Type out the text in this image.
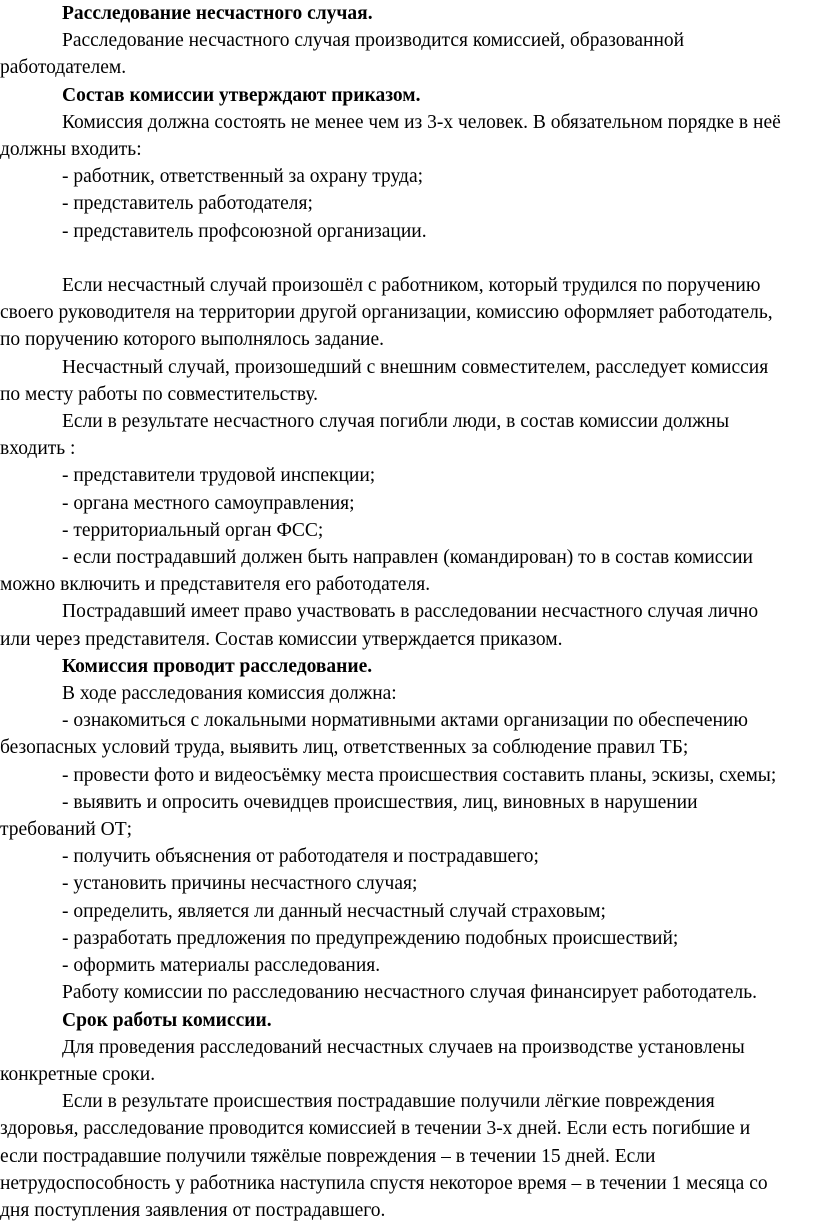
Расследование несчастного случая.
Расследование несчастного случая производится комиссией, образованной
работодателем.
Состав комиссии утверждают приказом.
Комиссия должна состоять не менее чем из 3-х человек. В обязательном порядке в неё
должны входить:
- работник, ответственный за охрану труда;
- представитель работодателя;
- представитель профсоюзной организации.
Если несчастный случай произошёл с работником, который трудился по поручению
своего руководителя на территории другой организации, комиссию оформляет работодатель,
по поручению которого выполнялось задание.
Несчастный случай, произошедший с внешним совместителем, расследует комиссия
по месту работы по совместительству.
Если в результате несчастного случая погибли люди, в состав комиссии должны
входить :
- представители трудовой инспекции;
- органа местного самоуправления;
- территориальный орган ФСС;
- если пострадавший должен быть направлен (командирован) то в состав комиссии
можно включить и представителя его работодателя.
Пострадавший имеет право участвовать в расследовании несчастного случая лично
или через представителя. Состав комиссии утверждается приказом.
Комиссия проводит расследование.
В ходе расследования комиссия должна:
- ознакомиться с локальными нормативными актами организации по обеспечению
безопасных условий труда, выявить лиц, ответственных за соблюдение правил ТБ;
- провести фото и видеосъёмку места происшествия составить планы, эскизы, схемы;
- выявить и опросить очевидцев происшествия, лиц, виновных в нарушении
требований ОТ;
- получить объяснения от работодателя и пострадавшего;
- установить причины несчастного случая;
- определить, является ли данный несчастный случай страховым;
- разработать предложения по предупреждению подобных происшествий;
- оформить материалы расследования.
Работу комиссии по расследованию несчастного случая финансирует работодатель.
Срок работы комиссии.
Для проведения расследований несчастных случаев на производстве установлены
конкретные сроки.
Если в результате происшествия пострадавшие получили лёгкие повреждения
здоровья, расследование проводится комиссией в течении 3-х дней. Если есть погибшие и
если пострадавшие получили тяжёлые повреждения – в течении 15 дней. Если
нетрудоспособность у работника наступила спустя некоторое время – в течении 1 месяца со
дня поступления заявления от пострадавшего.
